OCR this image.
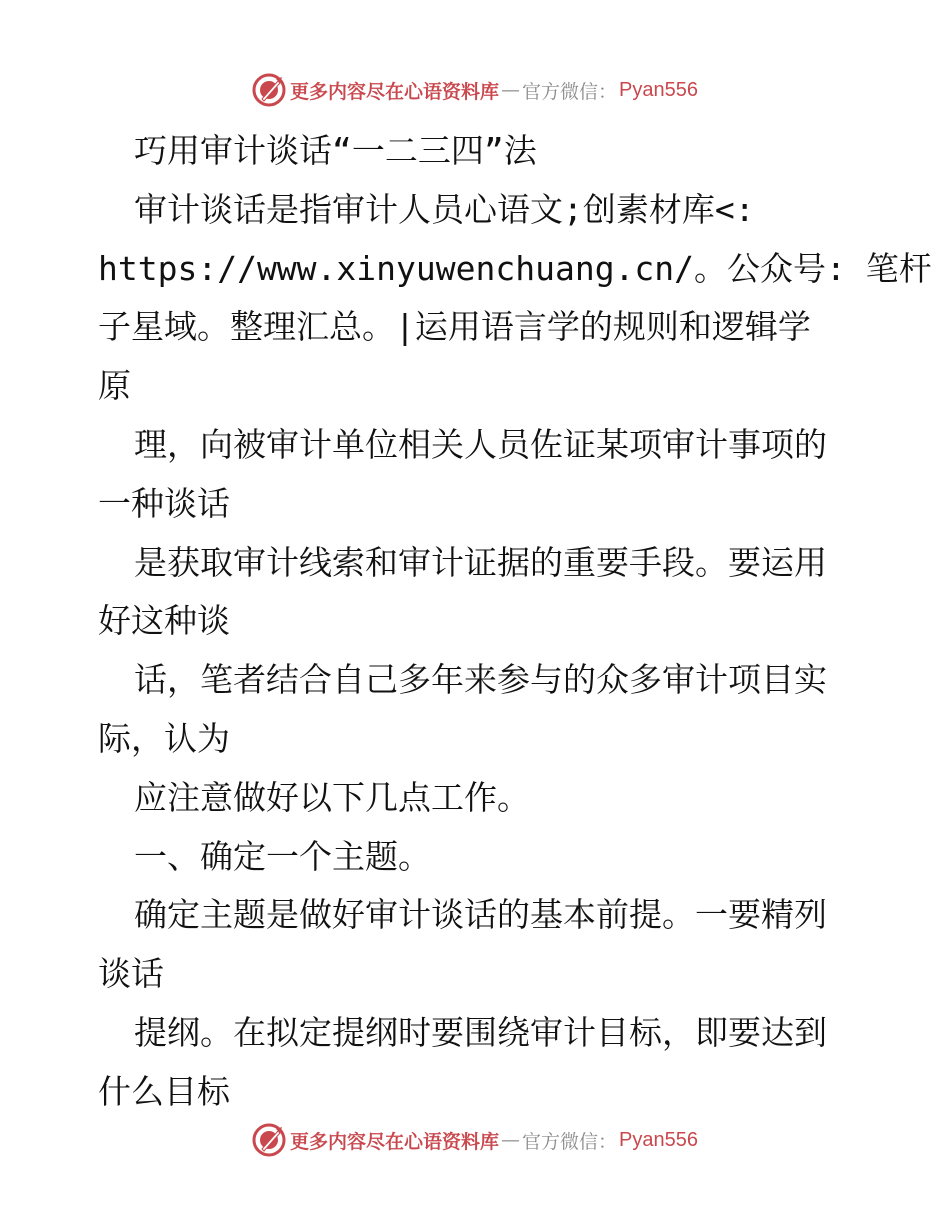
更多内容尽在心语资料库 — 官方微信： Pyan556
巧用审计谈话“一二三四”法
审计谈话是指审计人员心语文;创素材库<:
https://www.xinyuwenchuang.cn/。公众号: 笔杆
子星域。整理汇总。|运用语言学的规则和逻辑学
原
理，向被审计单位相关人员佐证某项审计事项的
一种谈话
是获取审计线索和审计证据的重要手段。要运用
好这种谈
话，笔者结合自己多年来参与的众多审计项目实
际，认为
应注意做好以下几点工作。
一、确定一个主题。
确定主题是做好审计谈话的基本前提。一要精列
谈话
提纲。在拟定提纲时要围绕审计目标，即要达到
什么目标
更多内容尽在心语资料库 — 官方微信： Pyan556
